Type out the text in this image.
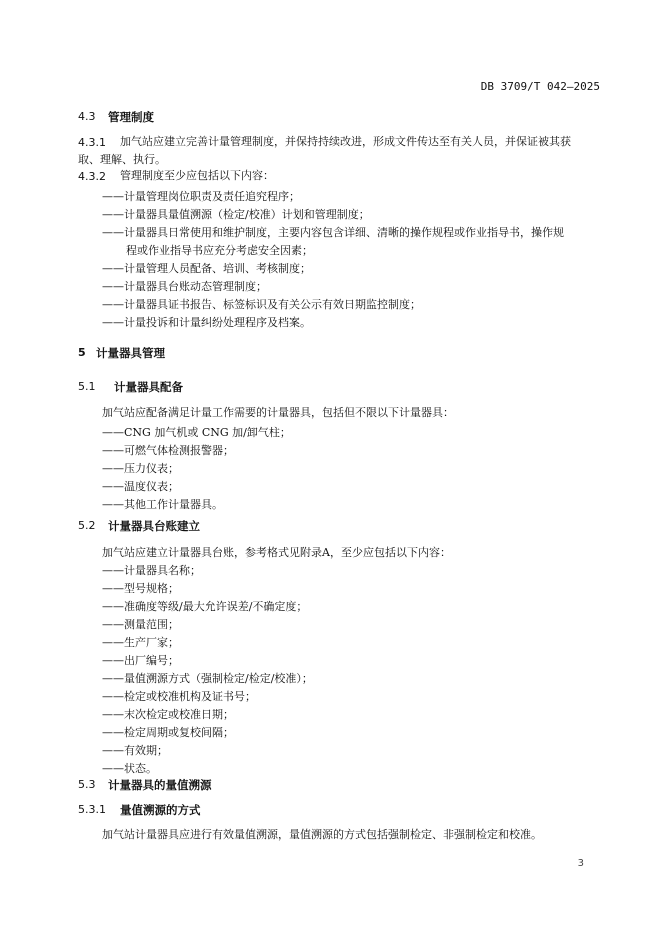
DB 3709/T 042—2025
4.3 管理制度
4.3.1 加气站应建立完善计量管理制度，并保持持续改进，形成文件传达至有关人员，并保证被其获
取、理解、执行。
4.3.2 管理制度至少应包括以下内容：
——计量管理岗位职责及责任追究程序；
——计量器具量值溯源（检定/校准）计划和管理制度；
——计量器具日常使用和维护制度，主要内容包含详细、清晰的操作规程或作业指导书，操作规
程或作业指导书应充分考虑安全因素；
——计量管理人员配备、培训、考核制度；
——计量器具台账动态管理制度；
——计量器具证书报告、标签标识及有关公示有效日期监控制度；
——计量投诉和计量纠纷处理程序及档案。
5 计量器具管理
5.1 计量器具配备
加气站应配备满足计量工作需要的计量器具，包括但不限以下计量器具：
——CNG 加气机或 CNG 加/卸气柱；
——可燃气体检测报警器；
——压力仪表；
——温度仪表；
——其他工作计量器具。
5.2 计量器具台账建立
加气站应建立计量器具台账，参考格式见附录A，至少应包括以下内容：
——计量器具名称；
——型号规格；
——准确度等级/最大允许误差/不确定度；
——测量范围；
——生产厂家；
——出厂编号；
——量值溯源方式（强制检定/检定/校准）；
——检定或校准机构及证书号；
——末次检定或校准日期；
——检定周期或复校间隔；
——有效期；
——状态。
5.3 计量器具的量值溯源
5.3.1 量值溯源的方式
加气站计量器具应进行有效量值溯源，量值溯源的方式包括强制检定、非强制检定和校准。
3
